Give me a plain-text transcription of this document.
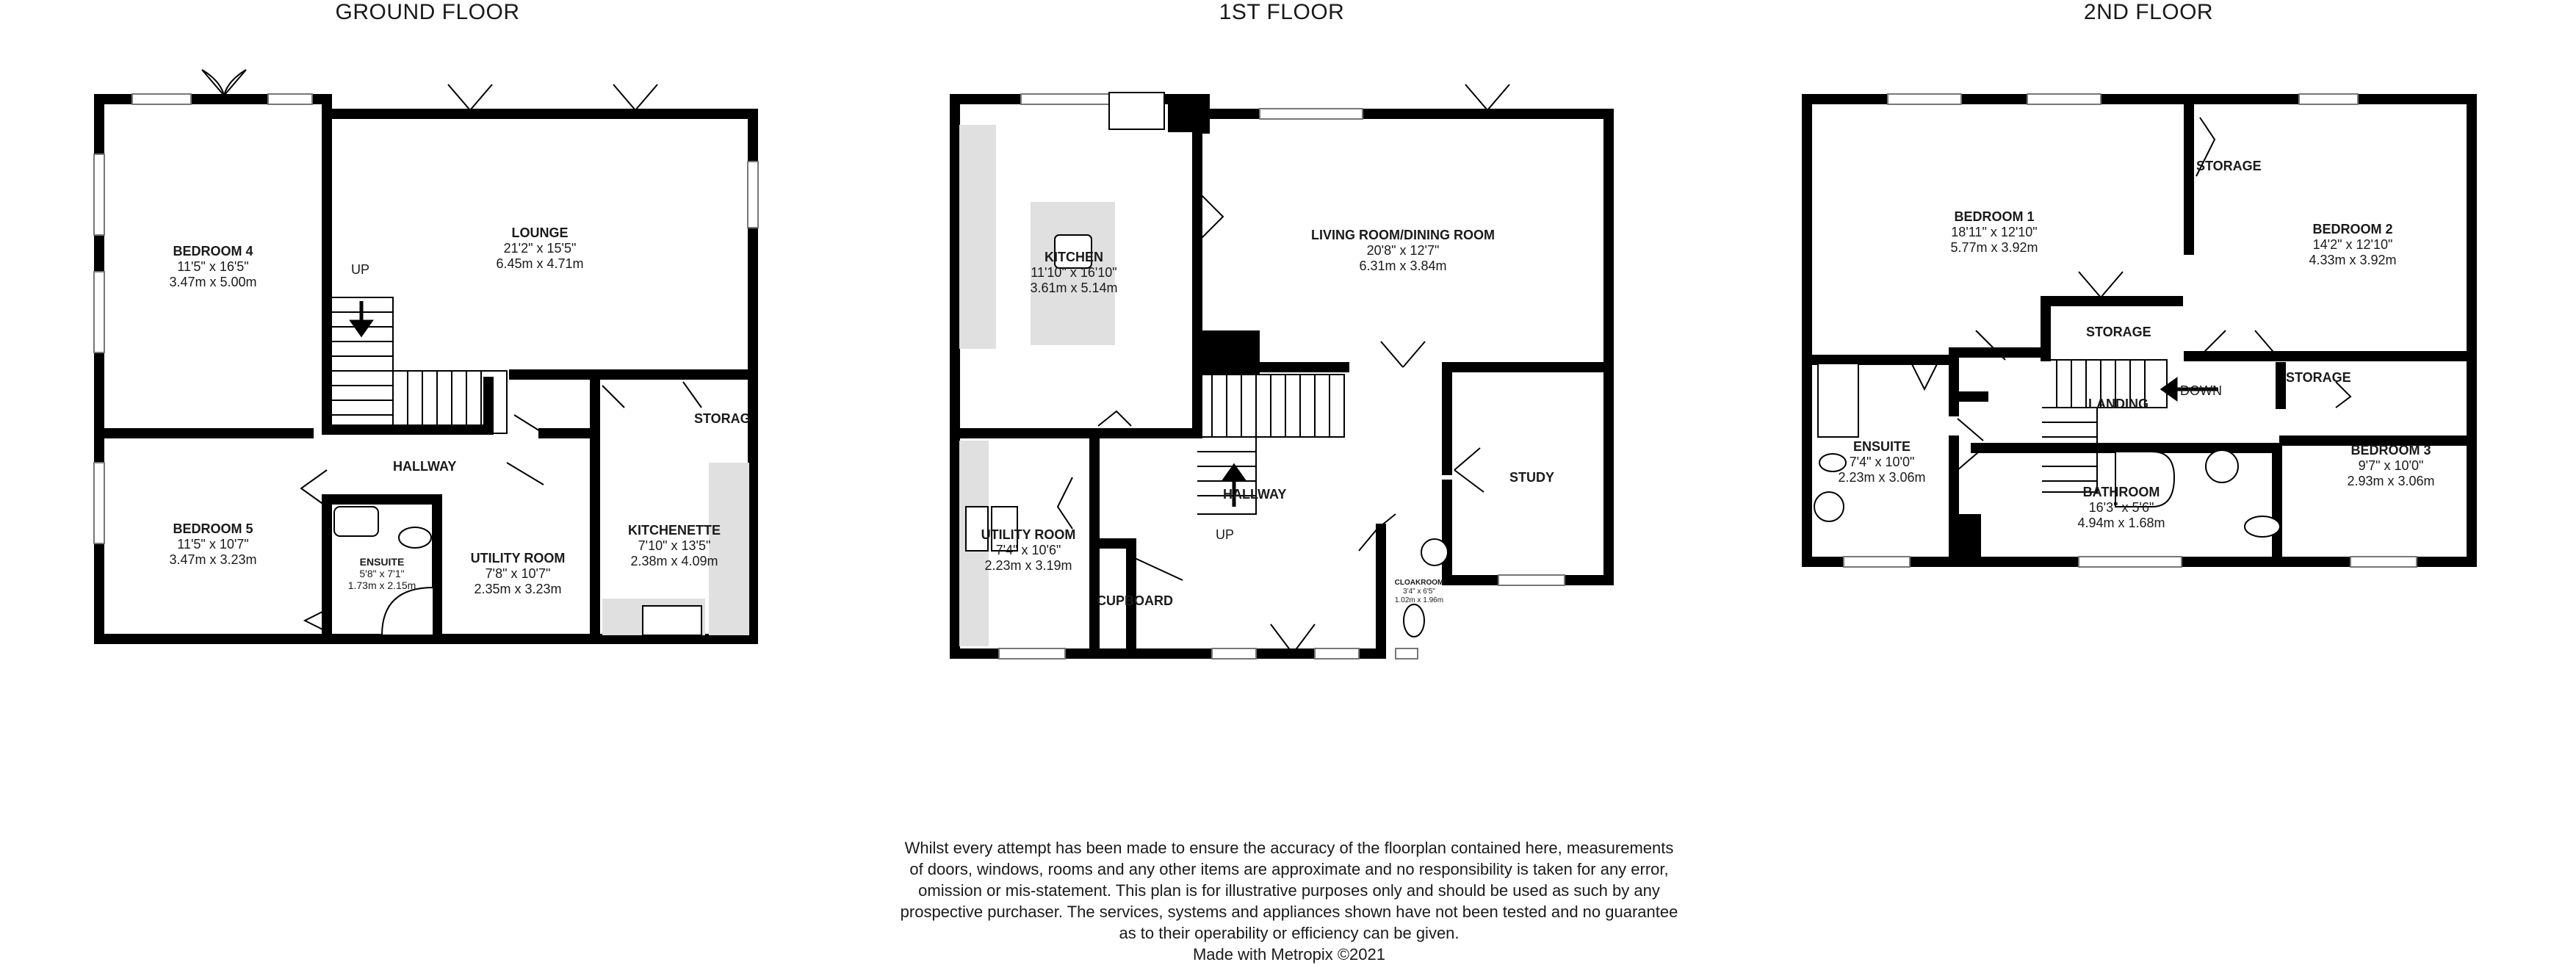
GROUND FLOOR	1ST FLOOR	2ND FLOOR
BEDROOM 4
11'5" x 16'5"
3.47m x 5.00m
LOUNGE
21'2" x 15'5"
6.45m x 4.71m
UP
HALLWAY
STORAG
BEDROOM 5
11'5" x 10'7"
3.47m x 3.23m	ENSUITE
5'8" x 7'1"
1.73m x 2.15m
UTILITY ROOM
7'8" x 10'7"
2.35m x 3.23m
KITCHENETTE
7'10" x 13'5"
2.38m x 4.09m
KITCHEN
11'10" x 16'10"
3.61m x 5.14m
LIVING ROOM/DINING ROOM
20'8" x 12'7"
6.31m x 3.84m
UTILITY ROOM
7'4" x 10'6"
2.23m x 3.19m
HALLWAY
UP
CUPBOARD
STUDY
CLOAKROOM
3'4" x 6'5"
1.02m x 1.96m
BEDROOM 1
18'11" x 12'10"
5.77m x 3.92m
BEDROOM 2
14'2" x 12'10"
4.33m x 3.92m
STORAGE
STORAGE
STORAGE
LANDING
DOWN
ENSUITE
7'4" x 10'0"
2.23m x 3.06m
BATHROOM
16'3" x 5'6"
4.94m x 1.68m
BEDROOM 3
9'7" x 10'0"
2.93m x 3.06m
Whilst every attempt has been made to ensure the accuracy of the floorplan contained here, measurements
of doors, windows, rooms and any other items are approximate and no responsibility is taken for any error,
omission or mis-statement. This plan is for illustrative purposes only and should be used as such by any
prospective purchaser. The services, systems and appliances shown have not been tested and no guarantee
as to their operability or efficiency can be given.
Made with Metropix ©2021
